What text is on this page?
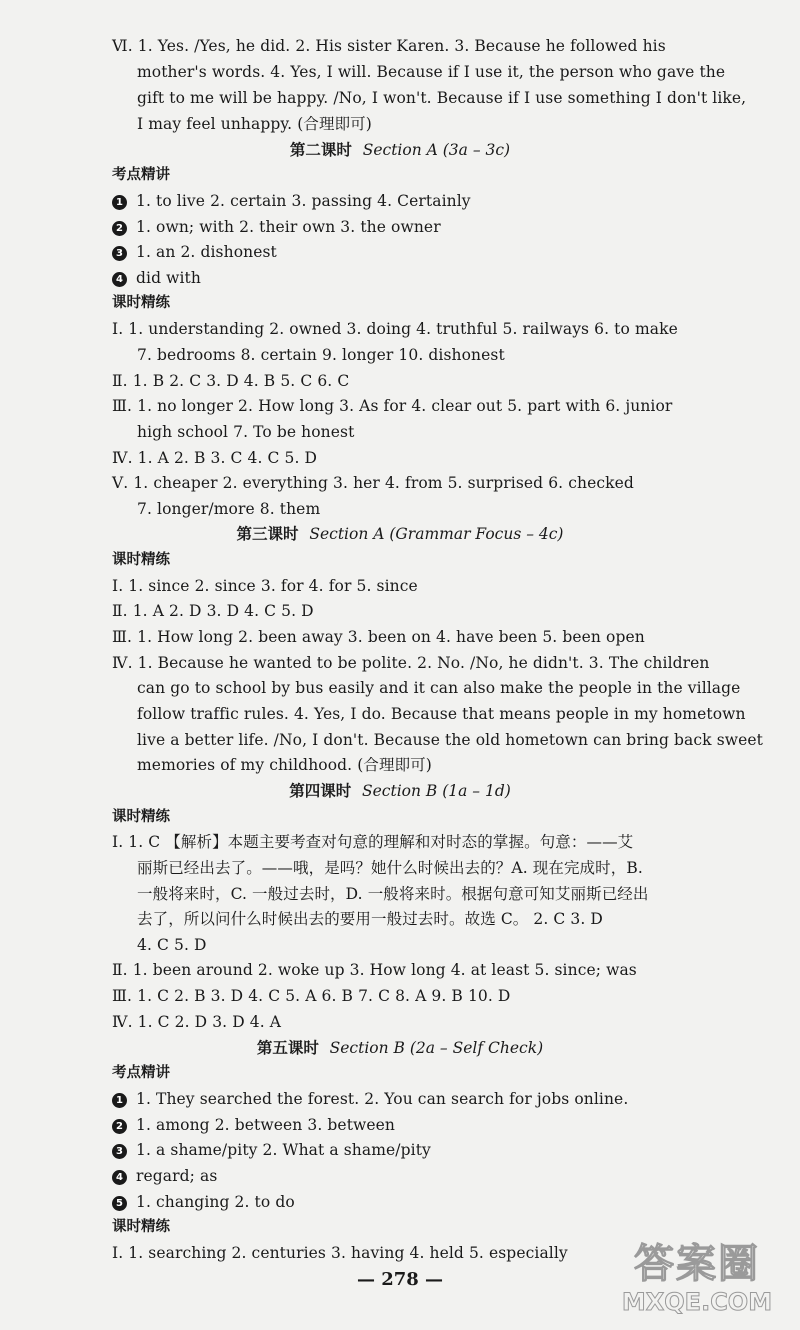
Ⅵ. 1. Yes. /Yes, he did. 2. His sister Karen. 3. Because he followed his
mother's words. 4. Yes, I will. Because if I use it, the person who gave the
gift to me will be happy. /No, I won't. Because if I use something I don't like,
I may feel unhappy. (合理即可)
第二课时 Section A (3a – 3c)
考点精讲
1 1. to live 2. certain 3. passing 4. Certainly
2 1. own; with 2. their own 3. the owner
3 1. an 2. dishonest
4 did with
课时精练
Ⅰ. 1. understanding 2. owned 3. doing 4. truthful 5. railways 6. to make
7. bedrooms 8. certain 9. longer 10. dishonest
Ⅱ. 1. B 2. C 3. D 4. B 5. C 6. C
Ⅲ. 1. no longer 2. How long 3. As for 4. clear out 5. part with 6. junior
high school 7. To be honest
Ⅳ. 1. A 2. B 3. C 4. C 5. D
Ⅴ. 1. cheaper 2. everything 3. her 4. from 5. surprised 6. checked
7. longer/more 8. them
第三课时 Section A (Grammar Focus – 4c)
课时精练
Ⅰ. 1. since 2. since 3. for 4. for 5. since
Ⅱ. 1. A 2. D 3. D 4. C 5. D
Ⅲ. 1. How long 2. been away 3. been on 4. have been 5. been open
Ⅳ. 1. Because he wanted to be polite. 2. No. /No, he didn't. 3. The children
can go to school by bus easily and it can also make the people in the village
follow traffic rules. 4. Yes, I do. Because that means people in my hometown
live a better life. /No, I don't. Because the old hometown can bring back sweet
memories of my childhood. (合理即可)
第四课时 Section B (1a – 1d)
课时精练
Ⅰ. 1. C 【解析】本题主要考查对句意的理解和对时态的掌握。句意：——艾
丽斯已经出去了。——哦，是吗？她什么时候出去的？A. 现在完成时，B.
一般将来时，C. 一般过去时，D. 一般将来时。根据句意可知艾丽斯已经出
去了，所以问什么时候出去的要用一般过去时。故选 C。 2. C 3. D
4. C 5. D
Ⅱ. 1. been around 2. woke up 3. How long 4. at least 5. since; was
Ⅲ. 1. C 2. B 3. D 4. C 5. A 6. B 7. C 8. A 9. B 10. D
Ⅳ. 1. C 2. D 3. D 4. A
第五课时 Section B (2a – Self Check)
考点精讲
1 1. They searched the forest. 2. You can search for jobs online.
2 1. among 2. between 3. between
3 1. a shame/pity 2. What a shame/pity
4 regard; as
5 1. changing 2. to do
课时精练
Ⅰ. 1. searching 2. centuries 3. having 4. held 5. especially
— 278 —	答案圈
MXQE.COM
